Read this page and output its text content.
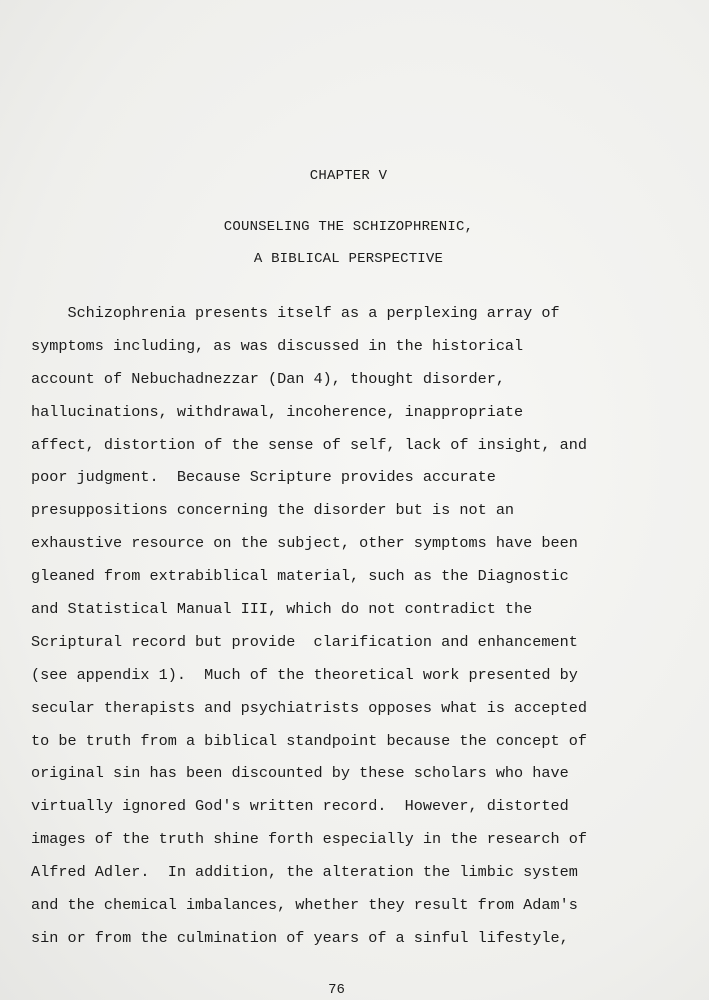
CHAPTER V
COUNSELING THE SCHIZOPHRENIC,
A BIBLICAL PERSPECTIVE
Schizophrenia presents itself as a perplexing array of
symptoms including, as was discussed in the historical
account of Nebuchadnezzar (Dan 4), thought disorder,
hallucinations, withdrawal, incoherence, inappropriate
affect, distortion of the sense of self, lack of insight, and
poor judgment.  Because Scripture provides accurate
presuppositions concerning the disorder but is not an
exhaustive resource on the subject, other symptoms have been
gleaned from extrabiblical material, such as the Diagnostic
and Statistical Manual III, which do not contradict the
Scriptural record but provide  clarification and enhancement
(see appendix 1).  Much of the theoretical work presented by
secular therapists and psychiatrists opposes what is accepted
to be truth from a biblical standpoint because the concept of
original sin has been discounted by these scholars who have
virtually ignored God's written record.  However, distorted
images of the truth shine forth especially in the research of
Alfred Adler.  In addition, the alteration the limbic system
and the chemical imbalances, whether they result from Adam's
sin or from the culmination of years of a sinful lifestyle,
76
